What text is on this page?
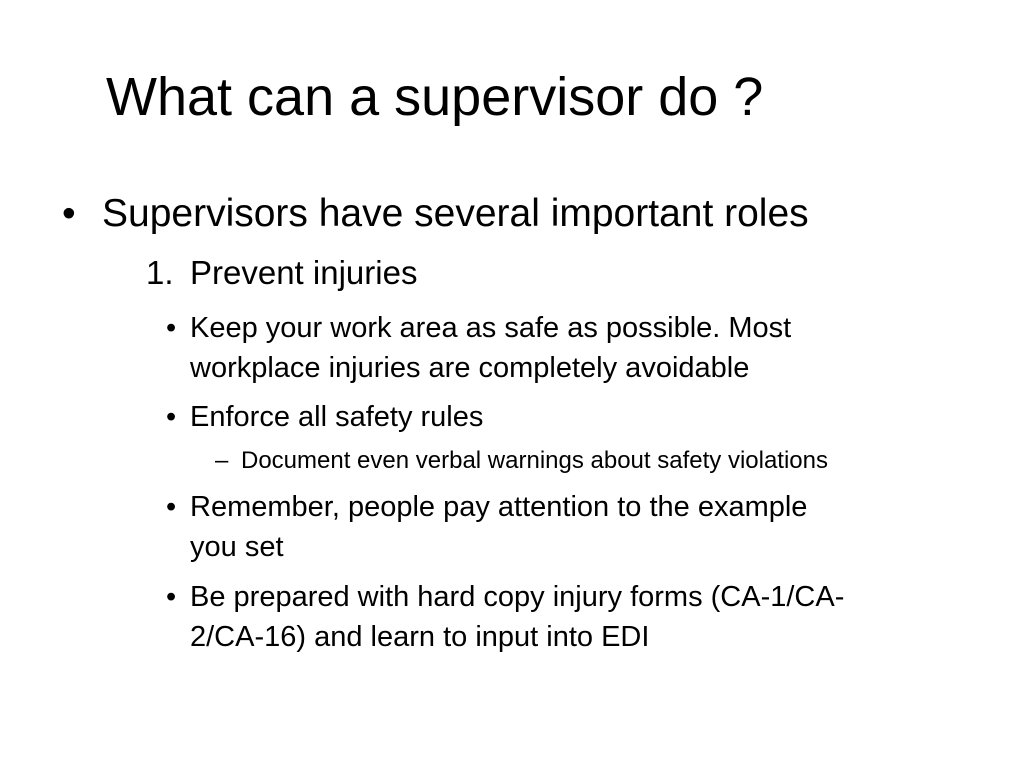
What can a supervisor do ?
• Supervisors have several important roles
1. Prevent injuries
• Keep your work area as safe as possible. Most
workplace injuries are completely avoidable
• Enforce all safety rules
– Document even verbal warnings about safety violations
• Remember, people pay attention to the example
you set
• Be prepared with hard copy injury forms (CA-1/CA-
2/CA-16) and learn to input into EDI
